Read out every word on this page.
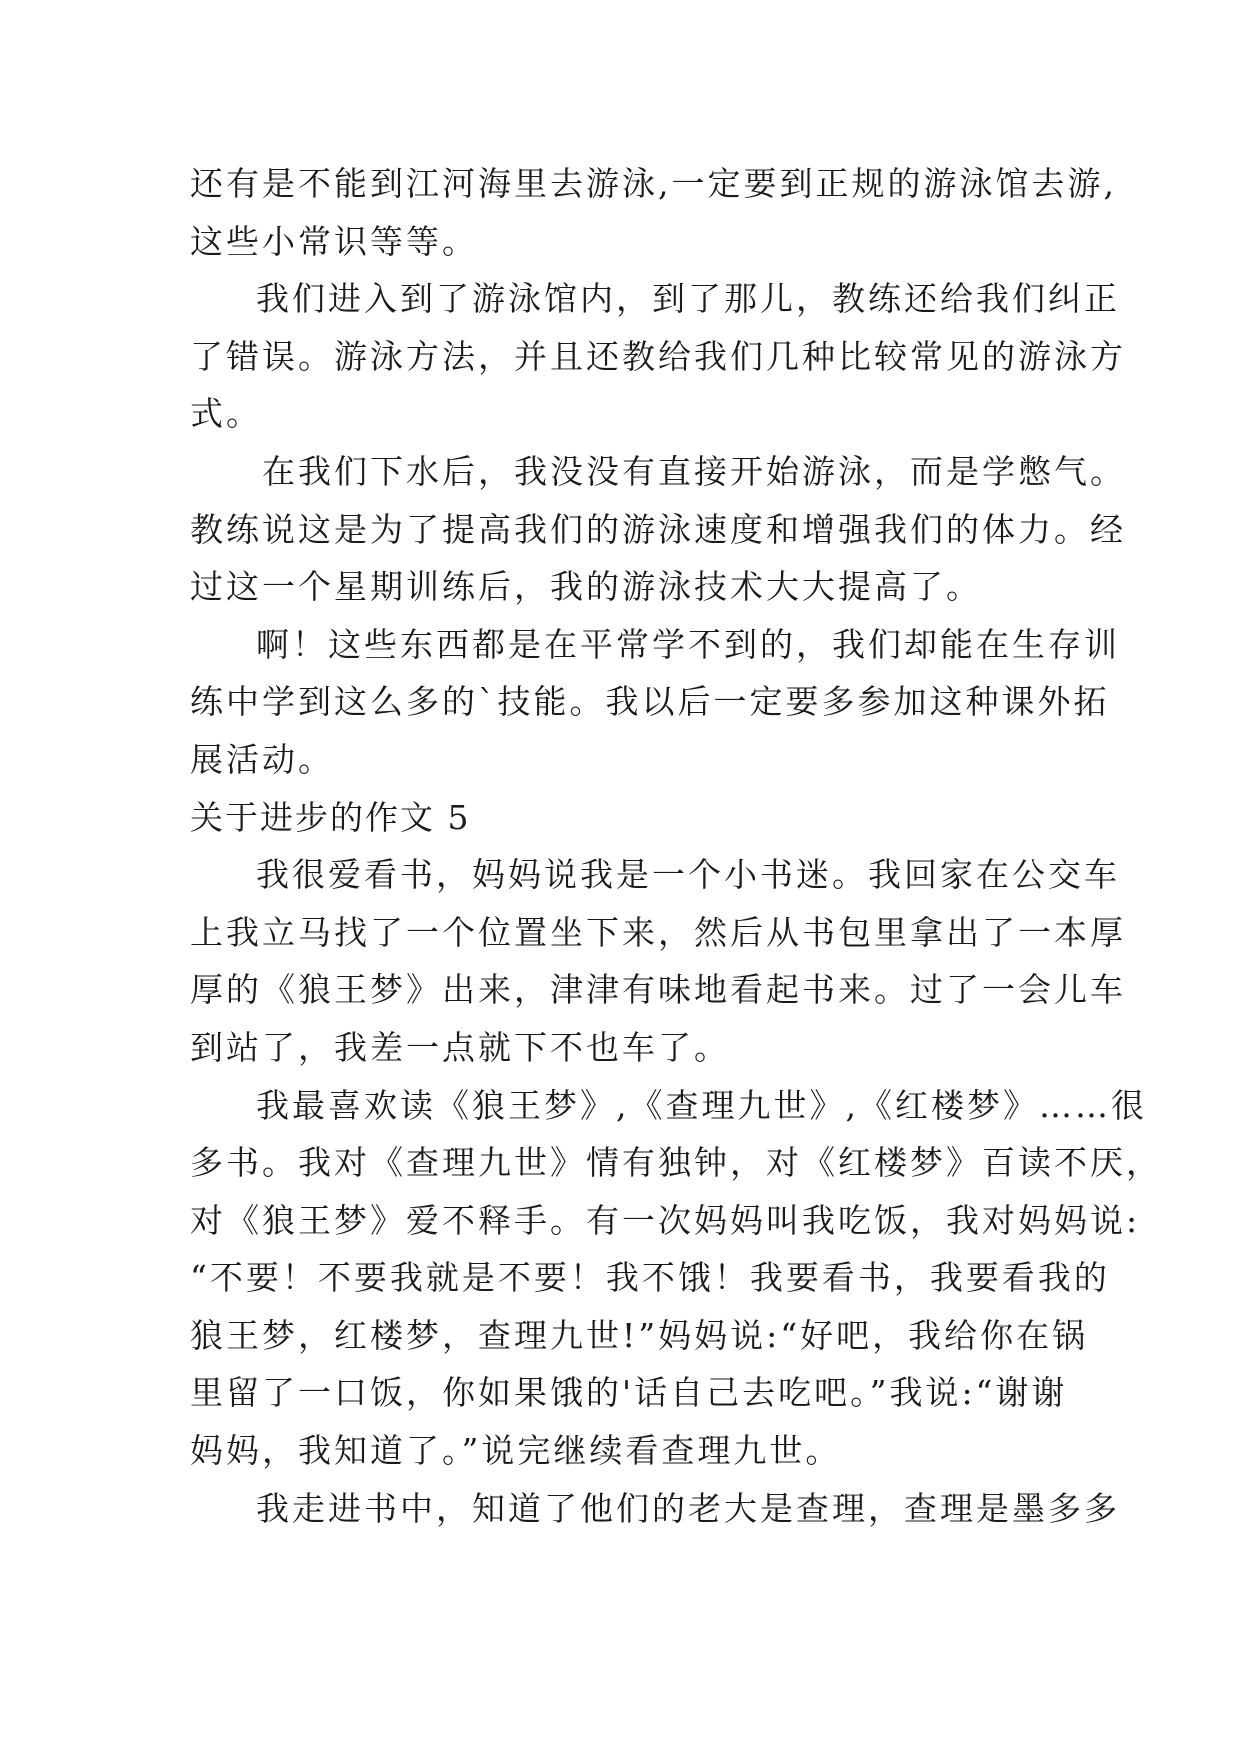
还有是不能到江河海里去游泳,一定要到正规的游泳馆去游,
这些小常识等等。
我们进入到了游泳馆内，到了那儿，教练还给我们纠正
了错误。游泳方法，并且还教给我们几种比较常见的游泳方
式。
在我们下水后，我没没有直接开始游泳，而是学憋气。
教练说这是为了提高我们的游泳速度和增强我们的体力。经
过这一个星期训练后，我的游泳技术大大提高了。
啊！这些东西都是在平常学不到的，我们却能在生存训
练中学到这么多的`技能。我以后一定要多参加这种课外拓
展活动。
关于进步的作文 5
我很爱看书，妈妈说我是一个小书迷。我回家在公交车
上我立马找了一个位置坐下来，然后从书包里拿出了一本厚
厚的《狼王梦》出来，津津有味地看起书来。过了一会儿车
到站了，我差一点就下不也车了。
我最喜欢读《狼王梦》,《查理九世》,《红楼梦》……很
多书。我对《查理九世》情有独钟，对《红楼梦》百读不厌，
对《狼王梦》爱不释手。有一次妈妈叫我吃饭，我对妈妈说:
“不要！不要我就是不要！我不饿！我要看书，我要看我的
狼王梦，红楼梦，查理九世!”妈妈说:“好吧，我给你在锅
里留了一口饭，你如果饿的'话自己去吃吧。”我说:“谢谢
妈妈，我知道了。”说完继续看查理九世。
我走进书中，知道了他们的老大是查理，查理是墨多多
